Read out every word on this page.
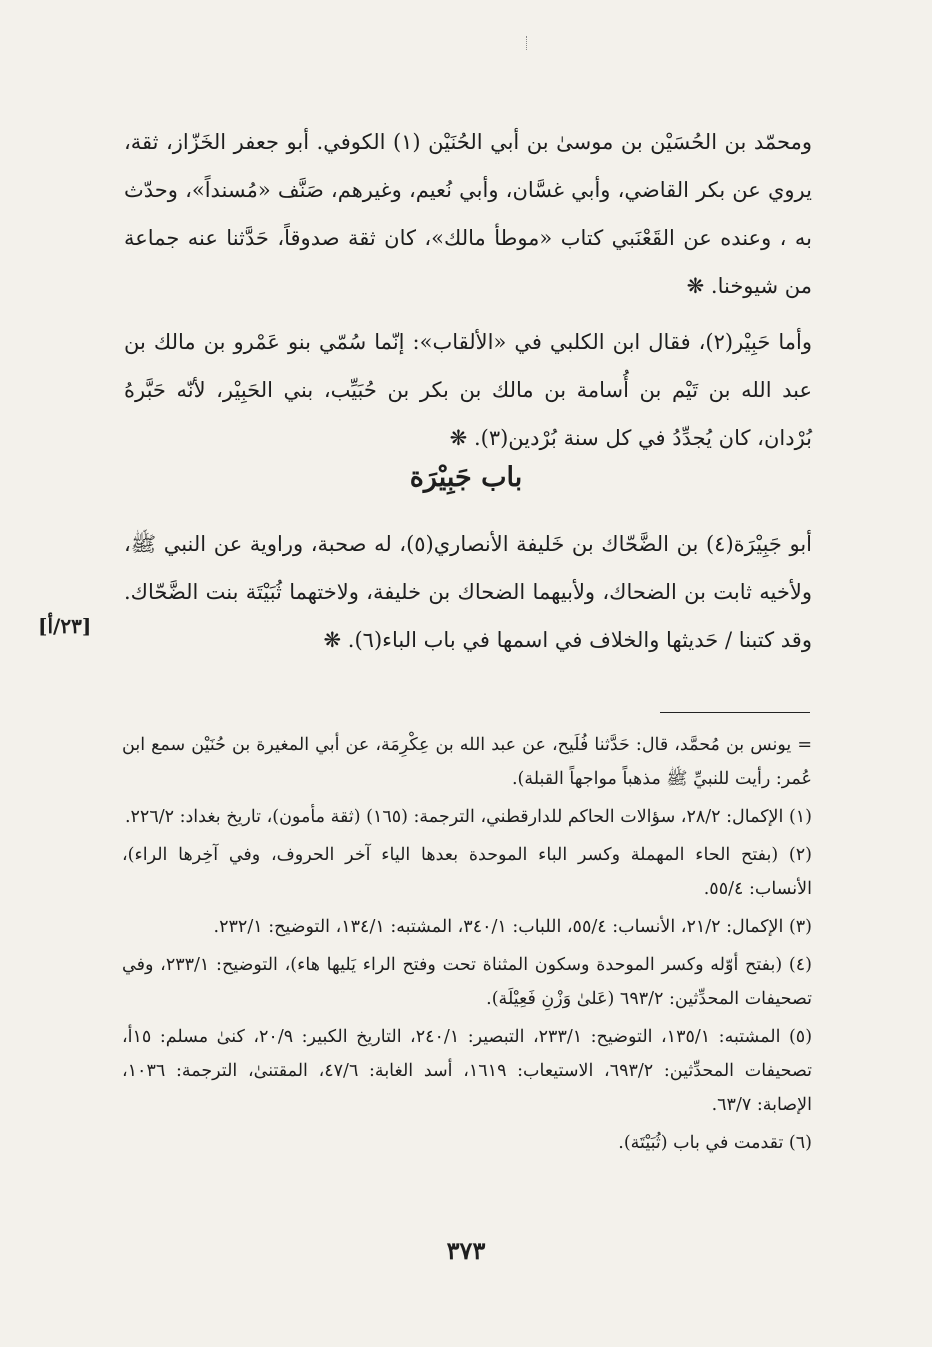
ومحمّد بن الحُسَيْن بن موسىٰ بن أبي الحُنَيْن (١) الكوفي. أبو جعفر الخَزّاز، ثقة، يروي عن بكر القاضي، وأبي غسَّان، وأبي نُعيم، وغيرهم، صَنَّف «مُسنداً»، وحدّث به ، وعنده عن القَعْنَبي كتاب «موطأ مالك»، كان ثقة صدوقاً، حَدَّثنا عنه جماعة من شيوخنا. ❋

وأما حَبِيْر(٢)، فقال ابن الكلبي في «الألقاب»: إنّما سُمّي بنو عَمْرو بن مالك بن عبد الله بن تَيْم بن أُسامة بن مالك بن بكر بن حُبَيِّب، بني الحَبِيْر، لأنّه حَبَّرهُ بُرْدان، كان يُجدِّدُ في كل سنة بُرْدين(٣). ❋

باب جَبِيْرَة

أبو جَبِيْرَة(٤) بن الضَّحّاك بن خَليفة الأنصاري(٥)، له صحبة، وراوية عن النبي ﷺ، ولأخيه ثابت بن الضحاك، ولأبيهما الضحاك بن خليفة، ولاختهما ثُبَيْتَة بنت الضَّحّاك. وقد كتبنا / حَديثها والخلاف في اسمها في باب الباء(٦). ❋

[٢٣/أ]

= يونس بن مُحمَّد، قال: حَدَّثنا فُلَيح، عن عبد الله بن عِكْرِمَة، عن أبي المغيرة بن حُنَيْن سمع ابن عُمر: رأيت للنبيِّ ﷺ مذهباً مواجهاً القبلة).

(١) الإكمال: ٢٨/٢، سؤالات الحاكم للدارقطني، الترجمة: (١٦٥) (ثقة مأمون)، تاريخ بغداد: ٢٢٦/٢.

(٢) (بفتح الحاء المهملة وكسر الباء الموحدة بعدها الياء آخر الحروف، وفي آخِرها الراء)، الأنساب: ٥٥/٤.

(٣) الإكمال: ٢١/٢، الأنساب: ٥٥/٤، اللباب: ٣٤٠/١، المشتبه: ١٣٤/١، التوضيح: ٢٣٢/١.

(٤) (بفتح أوّله وكسر الموحدة وسكون المثناة تحت وفتح الراء يَليها هاء)، التوضيح: ٢٣٣/١، وفي تصحيفات المحدِّثين: ٦٩٣/٢ (عَلىٰ وَزْنِ فَعِيْلَة).

(٥) المشتبه: ١٣٥/١، التوضيح: ٢٣٣/١، التبصير: ٢٤٠/١، التاريخ الكبير: ٢٠/٩، كنىٰ مسلم: ١٥أ، تصحيفات المحدِّثين: ٦٩٣/٢، الاستيعاب: ١٦١٩، أسد الغابة: ٤٧/٦، المقتنىٰ، الترجمة: ١٠٣٦، الإصابة: ٦٣/٧.

(٦) تقدمت في باب (ثُبَيْتَة).

٣٧٣
